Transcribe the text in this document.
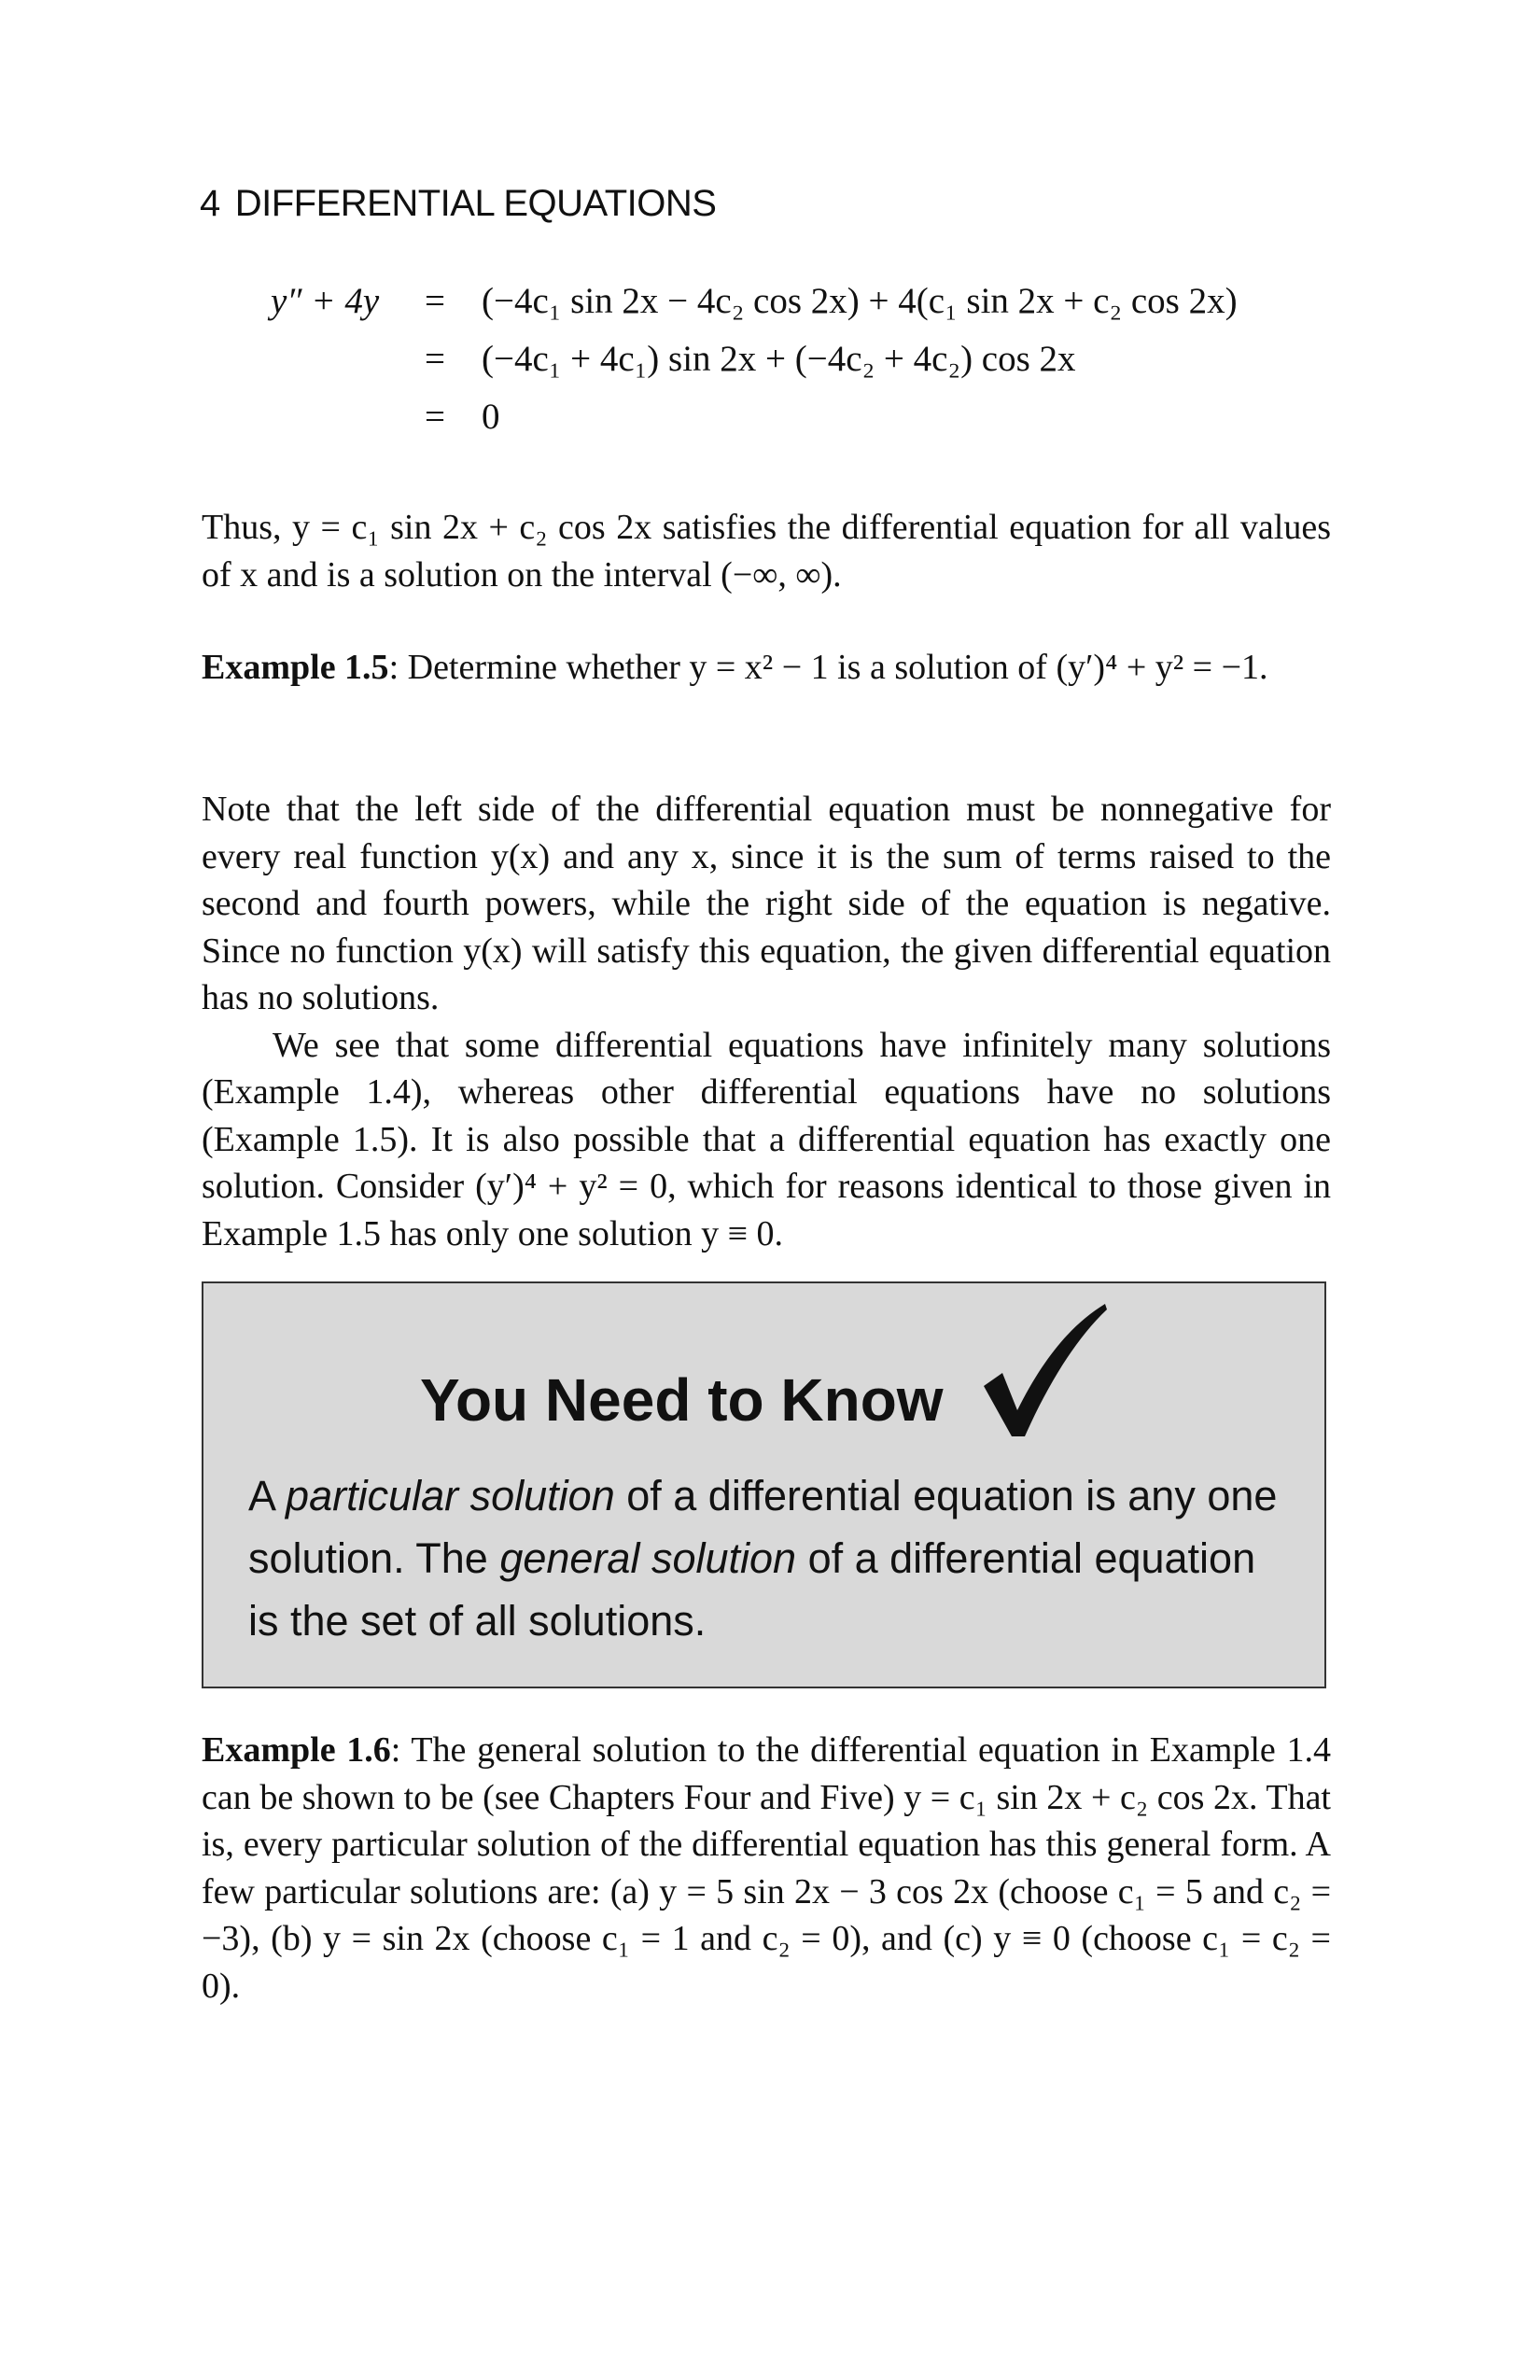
4 DIFFERENTIAL EQUATIONS
y″ + 4y = (−4c₁ sin 2x − 4c₂ cos 2x) + 4(c₁ sin 2x + c₂ cos 2x)
= (−4c₁ + 4c₁) sin 2x + (−4c₂ + 4c₂) cos 2x
= 0

Thus, y = c₁ sin 2x + c₂ cos 2x satisfies the differential equation for all values of x and is a solution on the interval (−∞, ∞).

Example 1.5: Determine whether y = x² − 1 is a solution of (y′)⁴ + y² = −1.

Note that the left side of the differential equation must be nonnegative for every real function y(x) and any x, since it is the sum of terms raised to the second and fourth powers, while the right side of the equation is negative. Since no function y(x) will satisfy this equation, the given differential equation has no solutions.

We see that some differential equations have infinitely many solutions (Example 1.4), whereas other differential equations have no solutions (Example 1.5). It is also possible that a differential equation has exactly one solution. Consider (y′)⁴ + y² = 0, which for reasons identical to those given in Example 1.5 has only one solution y ≡ 0.

You Need to Know
A particular solution of a differential equation is any one solution. The general solution of a differential equation is the set of all solutions.

Example 1.6: The general solution to the differential equation in Example 1.4 can be shown to be (see Chapters Four and Five) y = c₁ sin 2x + c₂ cos 2x. That is, every particular solution of the differential equation has this general form. A few particular solutions are: (a) y = 5 sin 2x − 3 cos 2x (choose c₁ = 5 and c₂ = −3), (b) y = sin 2x (choose c₁ = 1 and c₂ = 0), and (c) y ≡ 0 (choose c₁ = c₂ = 0).
